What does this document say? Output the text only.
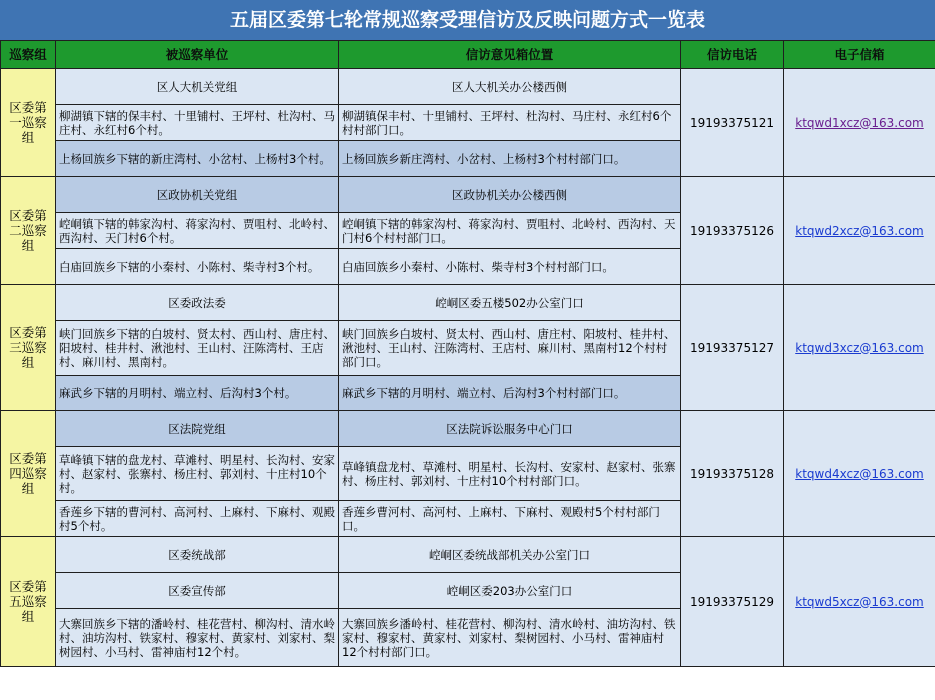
五届区委第七轮常规巡察受理信访及反映问题方式一览表
巡察组	被巡察单位	信访意见箱位置	信访电话	电子信箱
区委第一巡察组	区人大机关党组	区人大机关办公楼西侧	19193375121	ktqwd1xcz@163.com
	柳湖镇下辖的保丰村、十里铺村、王坪村、杜沟村、马庄村、永红村6个村。	柳湖镇保丰村、十里铺村、王坪村、杜沟村、马庄村、永红村6个村村部门口。		
	上杨回族乡下辖的新庄湾村、小岔村、上杨村3个村。	上杨回族乡新庄湾村、小岔村、上杨村3个村村部门口。		
区委第二巡察组	区政协机关党组	区政协机关办公楼西侧	19193375126	ktqwd2xcz@163.com
	崆峒镇下辖的韩家沟村、蒋家沟村、贾咀村、北岭村、西沟村、天门村6个村。	崆峒镇下辖的韩家沟村、蒋家沟村、贾咀村、北岭村、西沟村、天门村6个村村部门口。		
	白庙回族乡下辖的小秦村、小陈村、柴寺村3个村。	白庙回族乡小秦村、小陈村、柴寺村3个村村部门口。		
区委第三巡察组	区委政法委	崆峒区委五楼502办公室门口	19193375127	ktqwd3xcz@163.com
	峡门回族乡下辖的白坡村、贤太村、西山村、唐庄村、阳坡村、桂井村、湫池村、王山村、汪陈湾村、王店村、麻川村、黑南村。	峡门回族乡白坡村、贤太村、西山村、唐庄村、阳坡村、桂井村、湫池村、王山村、汪陈湾村、王店村、麻川村、黑南村12个村村部门口。		
	麻武乡下辖的月明村、端立村、后沟村3个村。	麻武乡下辖的月明村、端立村、后沟村3个村村部门口。		
区委第四巡察组	区法院党组	区法院诉讼服务中心门口	19193375128	ktqwd4xcz@163.com
	草峰镇下辖的盘龙村、草滩村、明星村、长沟村、安家村、赵家村、张寨村、杨庄村、郭刘村、十庄村10个村。	草峰镇盘龙村、草滩村、明星村、长沟村、安家村、赵家村、张寨村、杨庄村、郭刘村、十庄村10个村村部门口。		
	香莲乡下辖的曹河村、高河村、上麻村、下麻村、观殿村5个村。	香莲乡曹河村、高河村、上麻村、下麻村、观殿村5个村村部门口。		
区委第五巡察组	区委统战部	崆峒区委统战部机关办公室门口	19193375129	ktqwd5xcz@163.com
	区委宣传部	崆峒区委203办公室门口		
	大寨回族乡下辖的潘岭村、桂花营村、柳沟村、清水岭村、油坊沟村、铁家村、穆家村、黄家村、刘家村、梨树园村、小马村、雷神庙村12个村。	大寨回族乡潘岭村、桂花营村、柳沟村、清水岭村、油坊沟村、铁家村、穆家村、黄家村、刘家村、梨树园村、小马村、雷神庙村12个村村部门口。		
